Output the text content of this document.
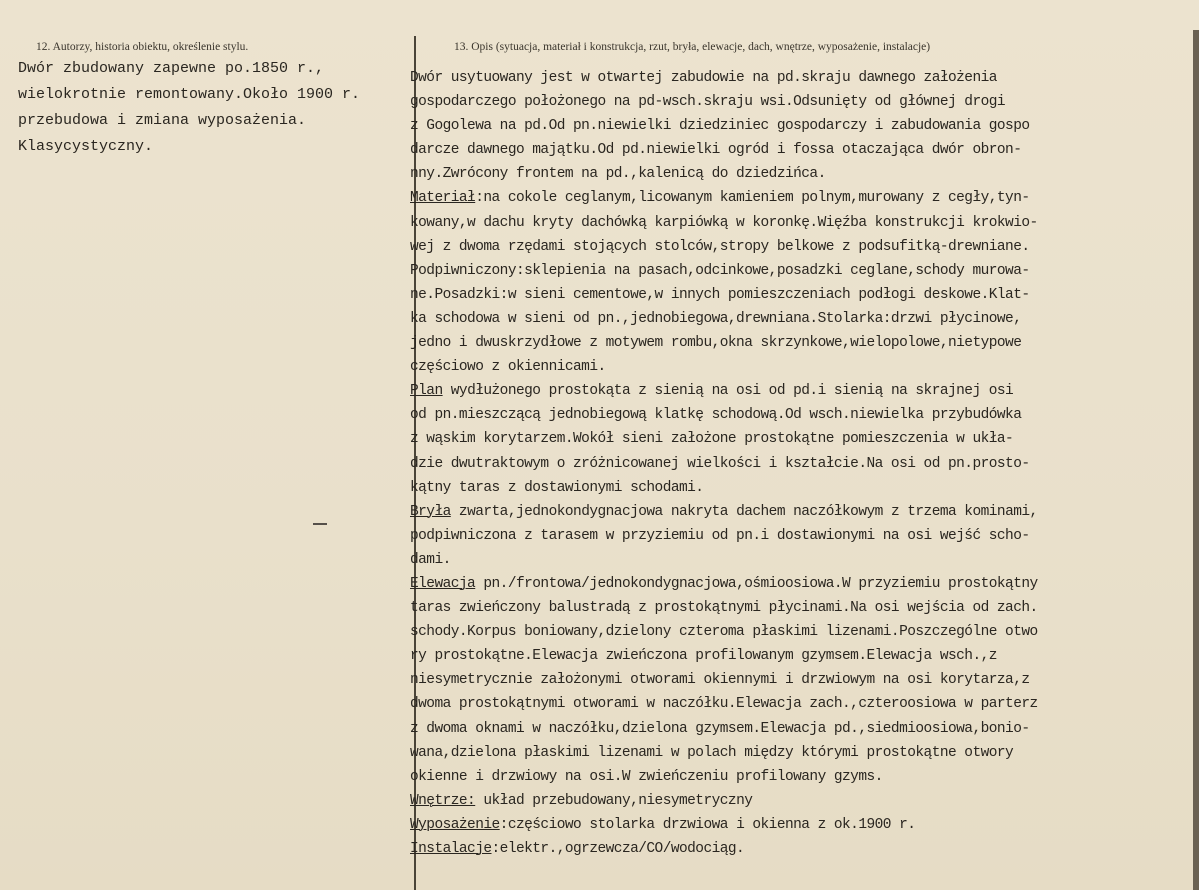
12. Autorzy, historia obiektu, określenie stylu.	13. Opis (sytuacja, materiał i konstrukcja, rzut, bryła, elewacje, dach, wnętrze, wyposażenie, instalacje)
Dwór zbudowany zapewne po.1850 r.,
wielokrotnie remontowany.Około 1900 r.
przebudowa i zmiana wyposażenia.
Klasycystyczny.
Dwór usytuowany jest w otwartej zabudowie na pd.skraju dawnego założenia
gospodarczego położonego na pd-wsch.skraju wsi.Odsunięty od głównej drogi
z Gogolewa na pd.Od pn.niewielki dziedziniec gospodarczy i zabudowania gospo
darcze dawnego majątku.Od pd.niewielki ogród i fossa otaczająca dwór obron-
nny.Zwrócony frontem na pd.,kalenicą do dziedzińca.
Materiał:na cokole ceglanym,licowanym kamieniem polnym,murowany z cegły,tyn-
kowany,w dachu kryty dachówką karpiówką w koronkę.Więźba konstrukcji krokwio-
wej z dwoma rzędami stojących stolców,stropy belkowe z podsufitką-drewniane.
Podpiwniczony:sklepienia na pasach,odcinkowe,posadzki ceglane,schody murowa-
ne.Posadzki:w sieni cementowe,w innych pomieszczeniach podłogi deskowe.Klat-
ka schodowa w sieni od pn.,jednobiegowa,drewniana.Stolarka:drzwi płycinowe,
jedno i dwuskrzydłowe z motywem rombu,okna skrzynkowe,wielopolowe,nietypowe
częściowo z okiennicami.
Plan wydłużonego prostokąta z sienią na osi od pd.i sienią na skrajnej osi
od pn.mieszczącą jednobiegową klatkę schodową.Od wsch.niewielka przybudówka
z wąskim korytarzem.Wokół sieni założone prostokątne pomieszczenia w ukła-
dzie dwutraktowym o zróżnicowanej wielkości i kształcie.Na osi od pn.prosto-
kątny taras z dostawionymi schodami.
Bryła zwarta,jednokondygnacjowa nakryta dachem naczółkowym z trzema kominami,
podpiwniczona z tarasem w przyziemiu od pn.i dostawionymi na osi wejść scho-
dami.
Elewacja pn./frontowa/jednokondygnacjowa,ośmioosiowa.W przyziemiu prostokątny
taras zwieńczony balustradą z prostokątnymi płycinami.Na osi wejścia od zach.
schody.Korpus boniowany,dzielony czteroma płaskimi lizenami.Poszczególne otwo
ry prostokątne.Elewacja zwieńczona profilowanym gzymsem.Elewacja wsch.,z
niesymetrycznie założonymi otworami okiennymi i drzwiowym na osi korytarza,z
dwoma prostokątnymi otworami w naczółku.Elewacja zach.,czteroosiowa w parterz
z dwoma oknami w naczółku,dzielona gzymsem.Elewacja pd.,siedmioosiowa,bonio-
wana,dzielona płaskimi lizenami w polach między którymi prostokątne otwory
okienne i drzwiowy na osi.W zwieńczeniu profilowany gzyms.
Wnętrze: układ przebudowany,niesymetryczny
Wyposażenie:częściowo stolarka drzwiowa i okienna z ok.1900 r.
Instalacje:elektr.,ogrzewcza/CO/wodociąg.
